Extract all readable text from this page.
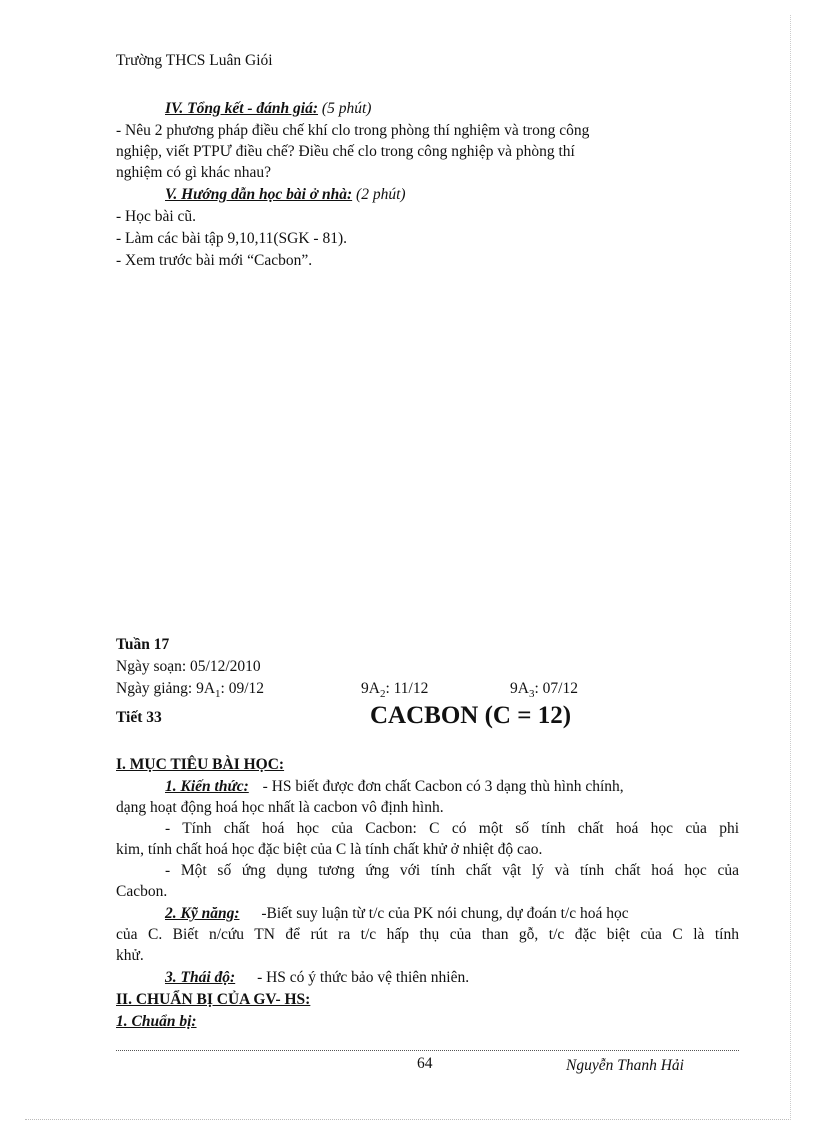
Trường THCS Luân Giói
IV. Tổng kết - đánh giá: (5 phút)
- Nêu 2 phương pháp điều chế khí clo trong phòng thí nghiệm và trong công
nghiệp, viết PTPƯ điều chế? Điều chế clo trong công nghiệp và phòng thí
nghiệm có gì khác nhau?
V. Hướng dẫn học bài ở nhà: (2 phút)
- Học bài cũ.
- Làm các bài tập 9,10,11(SGK - 81).
- Xem trước bài mới “Cacbon”.
Tuần 17
Ngày soạn: 05/12/2010
Ngày giảng: $9A_1$: 09/12	$9A_2$: 11/12	$9A_3$: 07/12
Tiết 33	CACBON (C = 12)
I. MỤC TIÊU BÀI HỌC:
1. Kiến thức: - HS biết được đơn chất Cacbon có 3 dạng thù hình chính,
dạng hoạt động hoá học nhất là cacbon vô định hình.
- Tính chất hoá học của Cacbon: C có một số tính chất hoá học của phi
kim, tính chất hoá học đặc biệt của C là tính chất khử ở nhiệt độ cao.
- Một số ứng dụng tương ứng với tính chất vật lý và tính chất hoá học của
Cacbon.
2. Kỹ năng: -Biết suy luận từ t/c của PK nói chung, dự đoán t/c hoá học
của C. Biết n/cứu TN để rút ra t/c hấp thụ của than gỗ, t/c đặc biệt của C là tính
khử.
3. Thái độ: - HS có ý thức bảo vệ thiên nhiên.
II. CHUẨN BỊ CỦA GV- HS:
1. Chuẩn bị:
64	Nguyễn Thanh Hải
